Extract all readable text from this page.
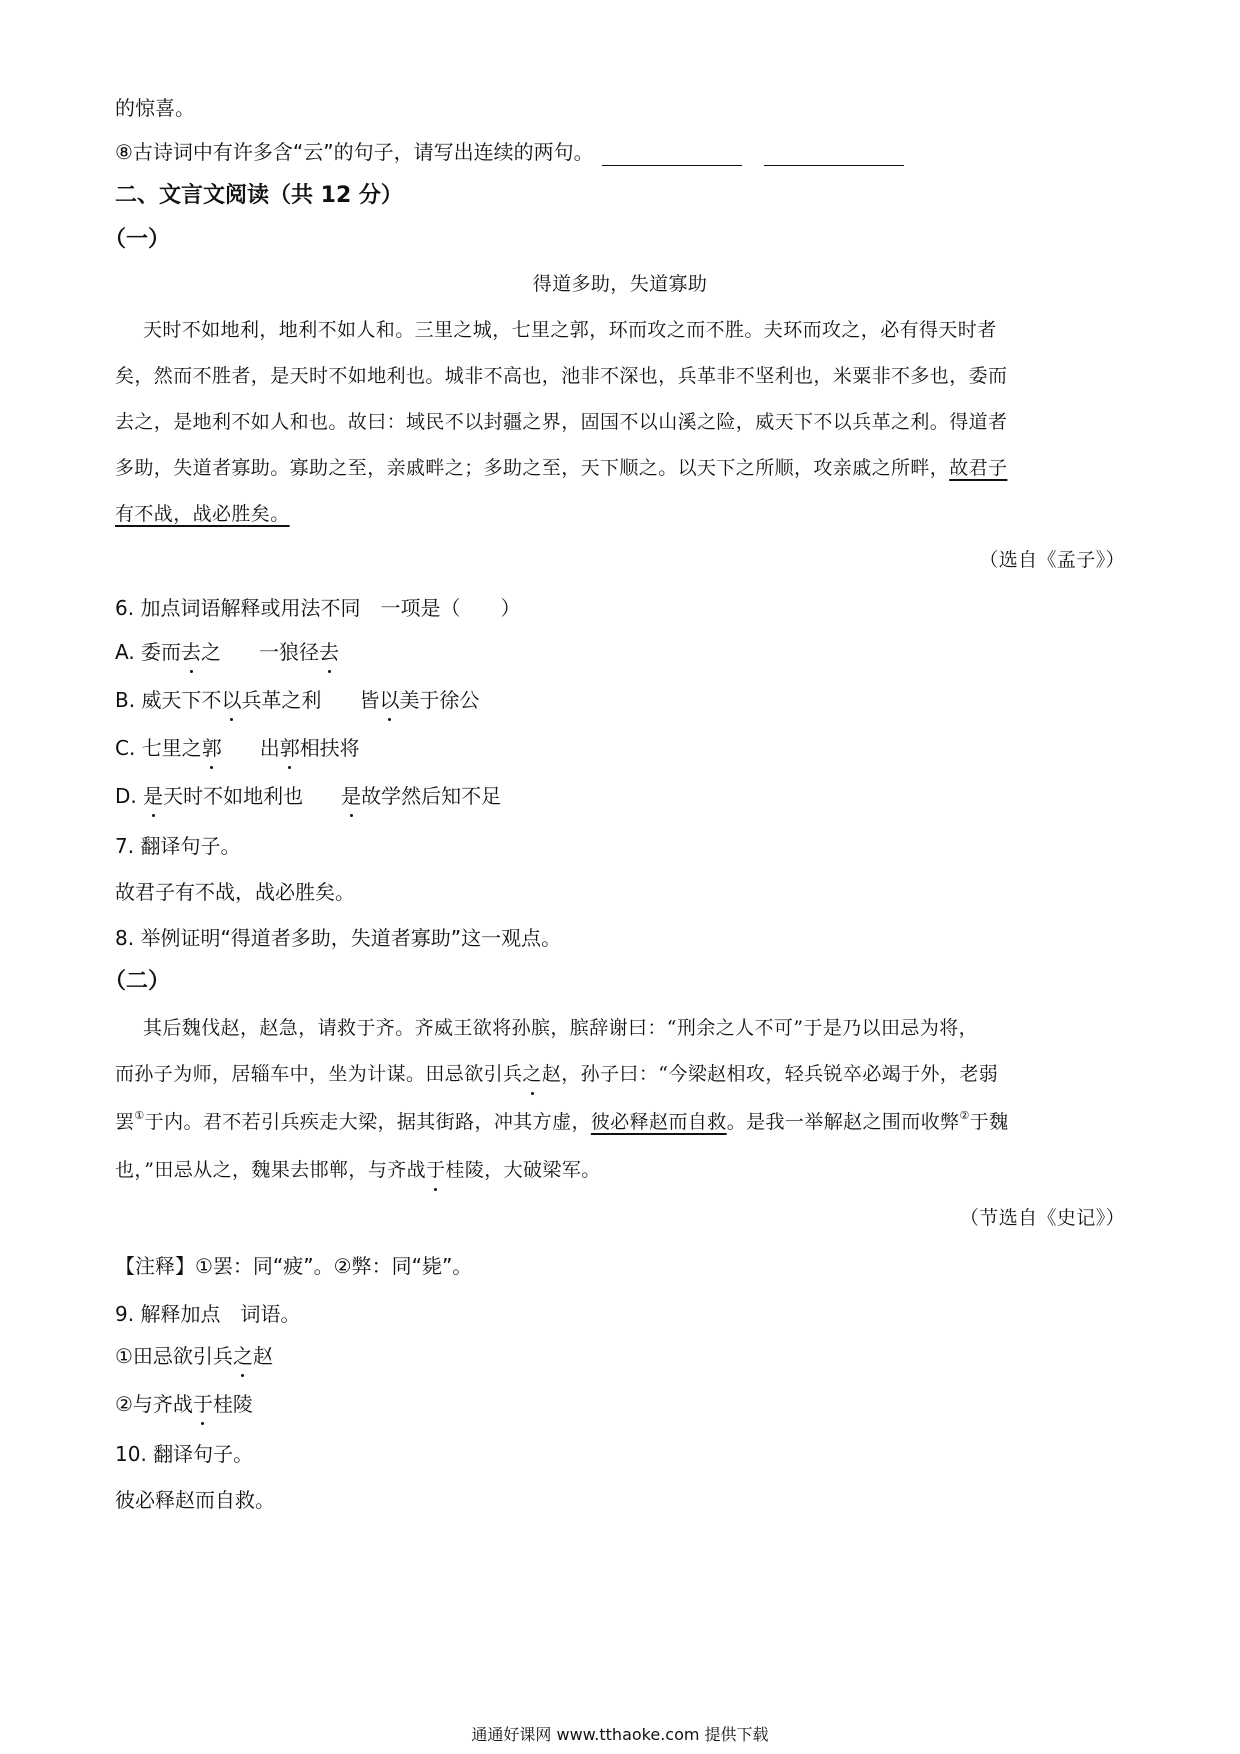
的惊喜。
⑧古诗词中有许多含“云”的句子，请写出连续的两句。
二、文言文阅读（共 12 分）
（一）
得道多助，失道寡助
天时不如地利，地利不如人和。三里之城，七里之郭，环而攻之而不胜。夫环而攻之，必有得天时者
矣，然而不胜者，是天时不如地利也。城非不高也，池非不深也，兵革非不坚利也，米粟非不多也，委而
去之，是地利不如人和也。故曰：域民不以封疆之界，固国不以山溪之险，威天下不以兵革之利。得道者
多助，失道者寡助。寡助之至，亲戚畔之；多助之至，天下顺之。以天下之所顺，攻亲戚之所畔，故君子
有不战，战必胜矣。
（选自《孟子》）
6. 加点词语解释或用法不同　一项是（　　）
A. 委而去之 一狼径去
B. 威天下不以兵革之利 皆以美于徐公
C. 七里之郭 出郭相扶将
D. 是天时不如地利也 是故学然后知不足
7. 翻译句子。
故君子有不战，战必胜矣。
8. 举例证明“得道者多助，失道者寡助”这一观点。
（二）
其后魏伐赵，赵急，请救于齐。齐威王欲将孙膑，膑辞谢曰：“刑余之人不可”于是乃以田忌为将，
而孙子为师，居辎车中，坐为计谋。田忌欲引兵之赵，孙子曰：“今梁赵相攻，轻兵锐卒必竭于外，老弱
罢①于内。君不若引兵疾走大梁，据其街路，冲其方虚，彼必释赵而自救。是我一举解赵之围而收弊②于魏
也，”田忌从之，魏果去邯郸，与齐战于桂陵，大破梁军。
（节选自《史记》）
【注释】①罢：同“疲”。②弊：同“毙”。
9. 解释加点　词语。
①田忌欲引兵之赵
②与齐战于桂陵
10. 翻译句子。
彼必释赵而自救。
通通好课网 www.tthaoke.com 提供下载
